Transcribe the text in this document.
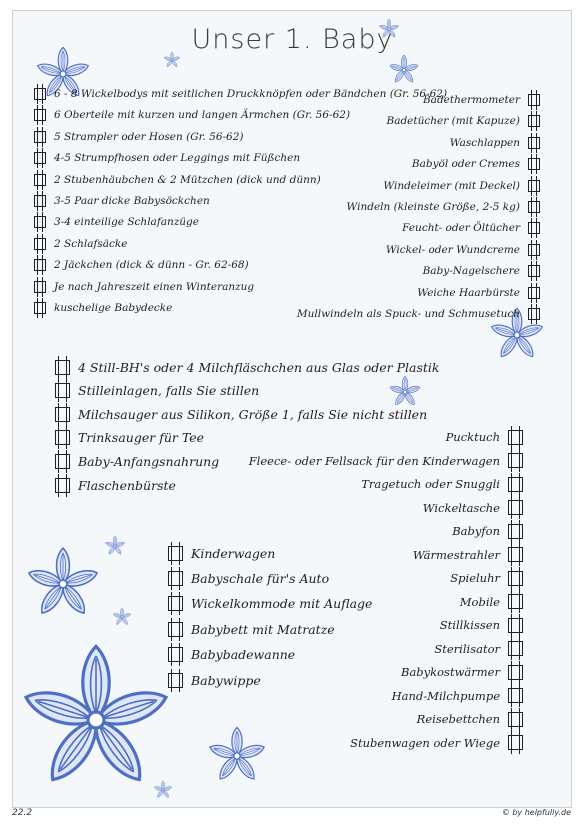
Unser 1. Baby
6 - 8 Wickelbodys mit seitlichen Druckknöpfen oder Bändchen (Gr. 56-62)
6 Oberteile mit kurzen und langen Ärmchen (Gr. 56-62)
5 Strampler oder Hosen (Gr. 56-62)
4-5 Strumpfhosen oder Leggings mit Füßchen
2 Stubenhäubchen & 2 Mützchen (dick und dünn)
3-5 Paar dicke Babysöckchen
3-4 einteilige Schlafanzüge
2 Schlafsäcke
2 Jäckchen (dick & dünn - Gr. 62-68)
Je nach Jahreszeit einen Winteranzug
kuschelige Babydecke
Badethermometer
Badetücher (mit Kapuze)
Waschlappen
Babyöl oder Cremes
Windeleimer (mit Deckel)
Windeln (kleinste Größe, 2-5 kg)
Feucht- oder Öltücher
Wickel- oder Wundcreme
Baby-Nagelschere
Weiche Haarbürste
Mullwindeln als Spuck- und Schmusetuch
4 Still-BH's oder 4 Milchfläschchen aus Glas oder Plastik
Stilleinlagen, falls Sie stillen
Milchsauger aus Silikon, Größe 1, falls Sie nicht stillen
Trinksauger für Tee
Baby-Anfangsnahrung
Flaschenbürste
Pucktuch
Fleece- oder Fellsack für den Kinderwagen
Tragetuch oder Snuggli
Wickeltasche
Babyfon
Wärmestrahler
Spieluhr
Mobile
Stillkissen
Sterilisator
Babykostwärmer
Hand-Milchpumpe
Reisebettchen
Stubenwagen oder Wiege
Kinderwagen
Babyschale für's Auto
Wickelkommode mit Auflage
Babybett mit Matratze
Babybadewanne
Babywippe
22.2	© by helpfully.de
